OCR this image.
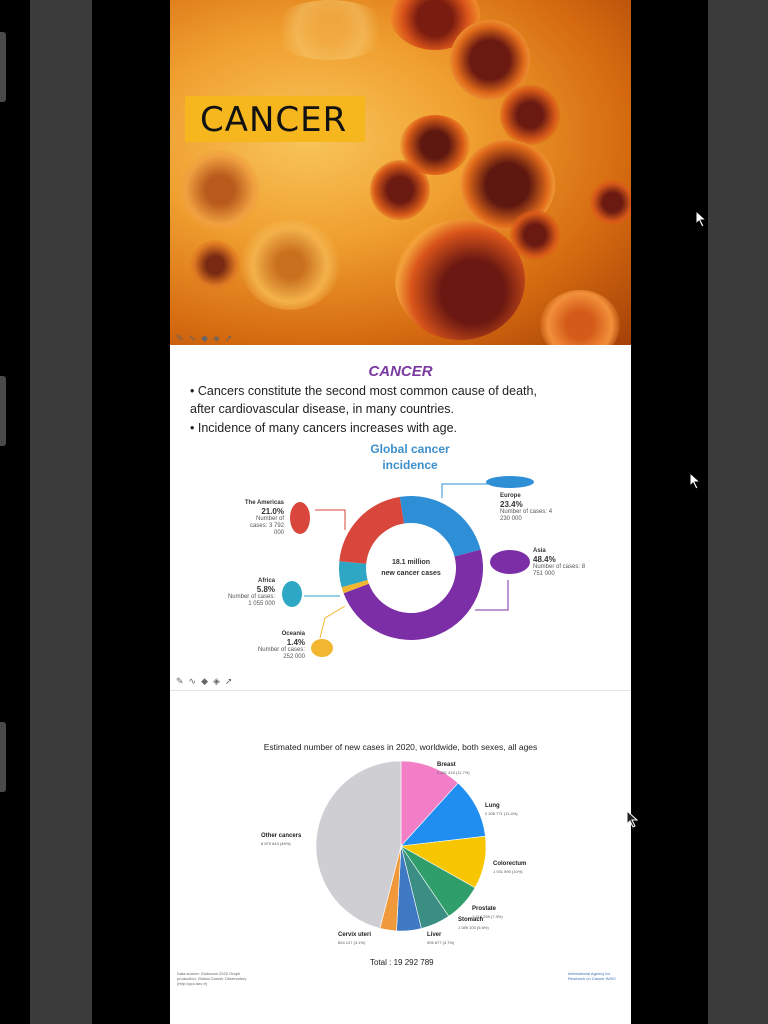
CANCER
✎ ∿ ◆ ◈ ➚
CANCER
• Cancers constitute the second most common cause of death,
after cardiovascular disease, in many countries.
• Incidence of many cancers increases with age.
Global cancer
incidence
18.1 million
new cancer cases
The Americas
21.0%
Number of cases: 3 792 000
Europe
23.4%
Number of cases: 4 230 000
Asia
48.4%
Number of cases: 8 751 000
Africa
5.8%
Number of cases: 1 055 000
Oceania
1.4%
Number of cases: 252 000
✎ ∿ ◆ ◈ ➚
Estimated number of new cases in 2020, worldwide, both sexes, all ages
Breast
2 261 419 (11.7%)
Lung
2 206 771 (11.4%)
Colorectum
1 931 590 (10%)
Prostate
1 414 259 (7.3%)
Stomach
1 089 103 (5.6%)
Liver
905 677 (4.7%)
Cervix uteri
604 127 (3.1%)
Other cancers
8 879 843 (46%)
Total : 19 292 789
Data source: Globocan 2020 Graph production: Global Cancer Observatory (http://gco.iarc.fr)
International Agency for Research on Cancer WHO
